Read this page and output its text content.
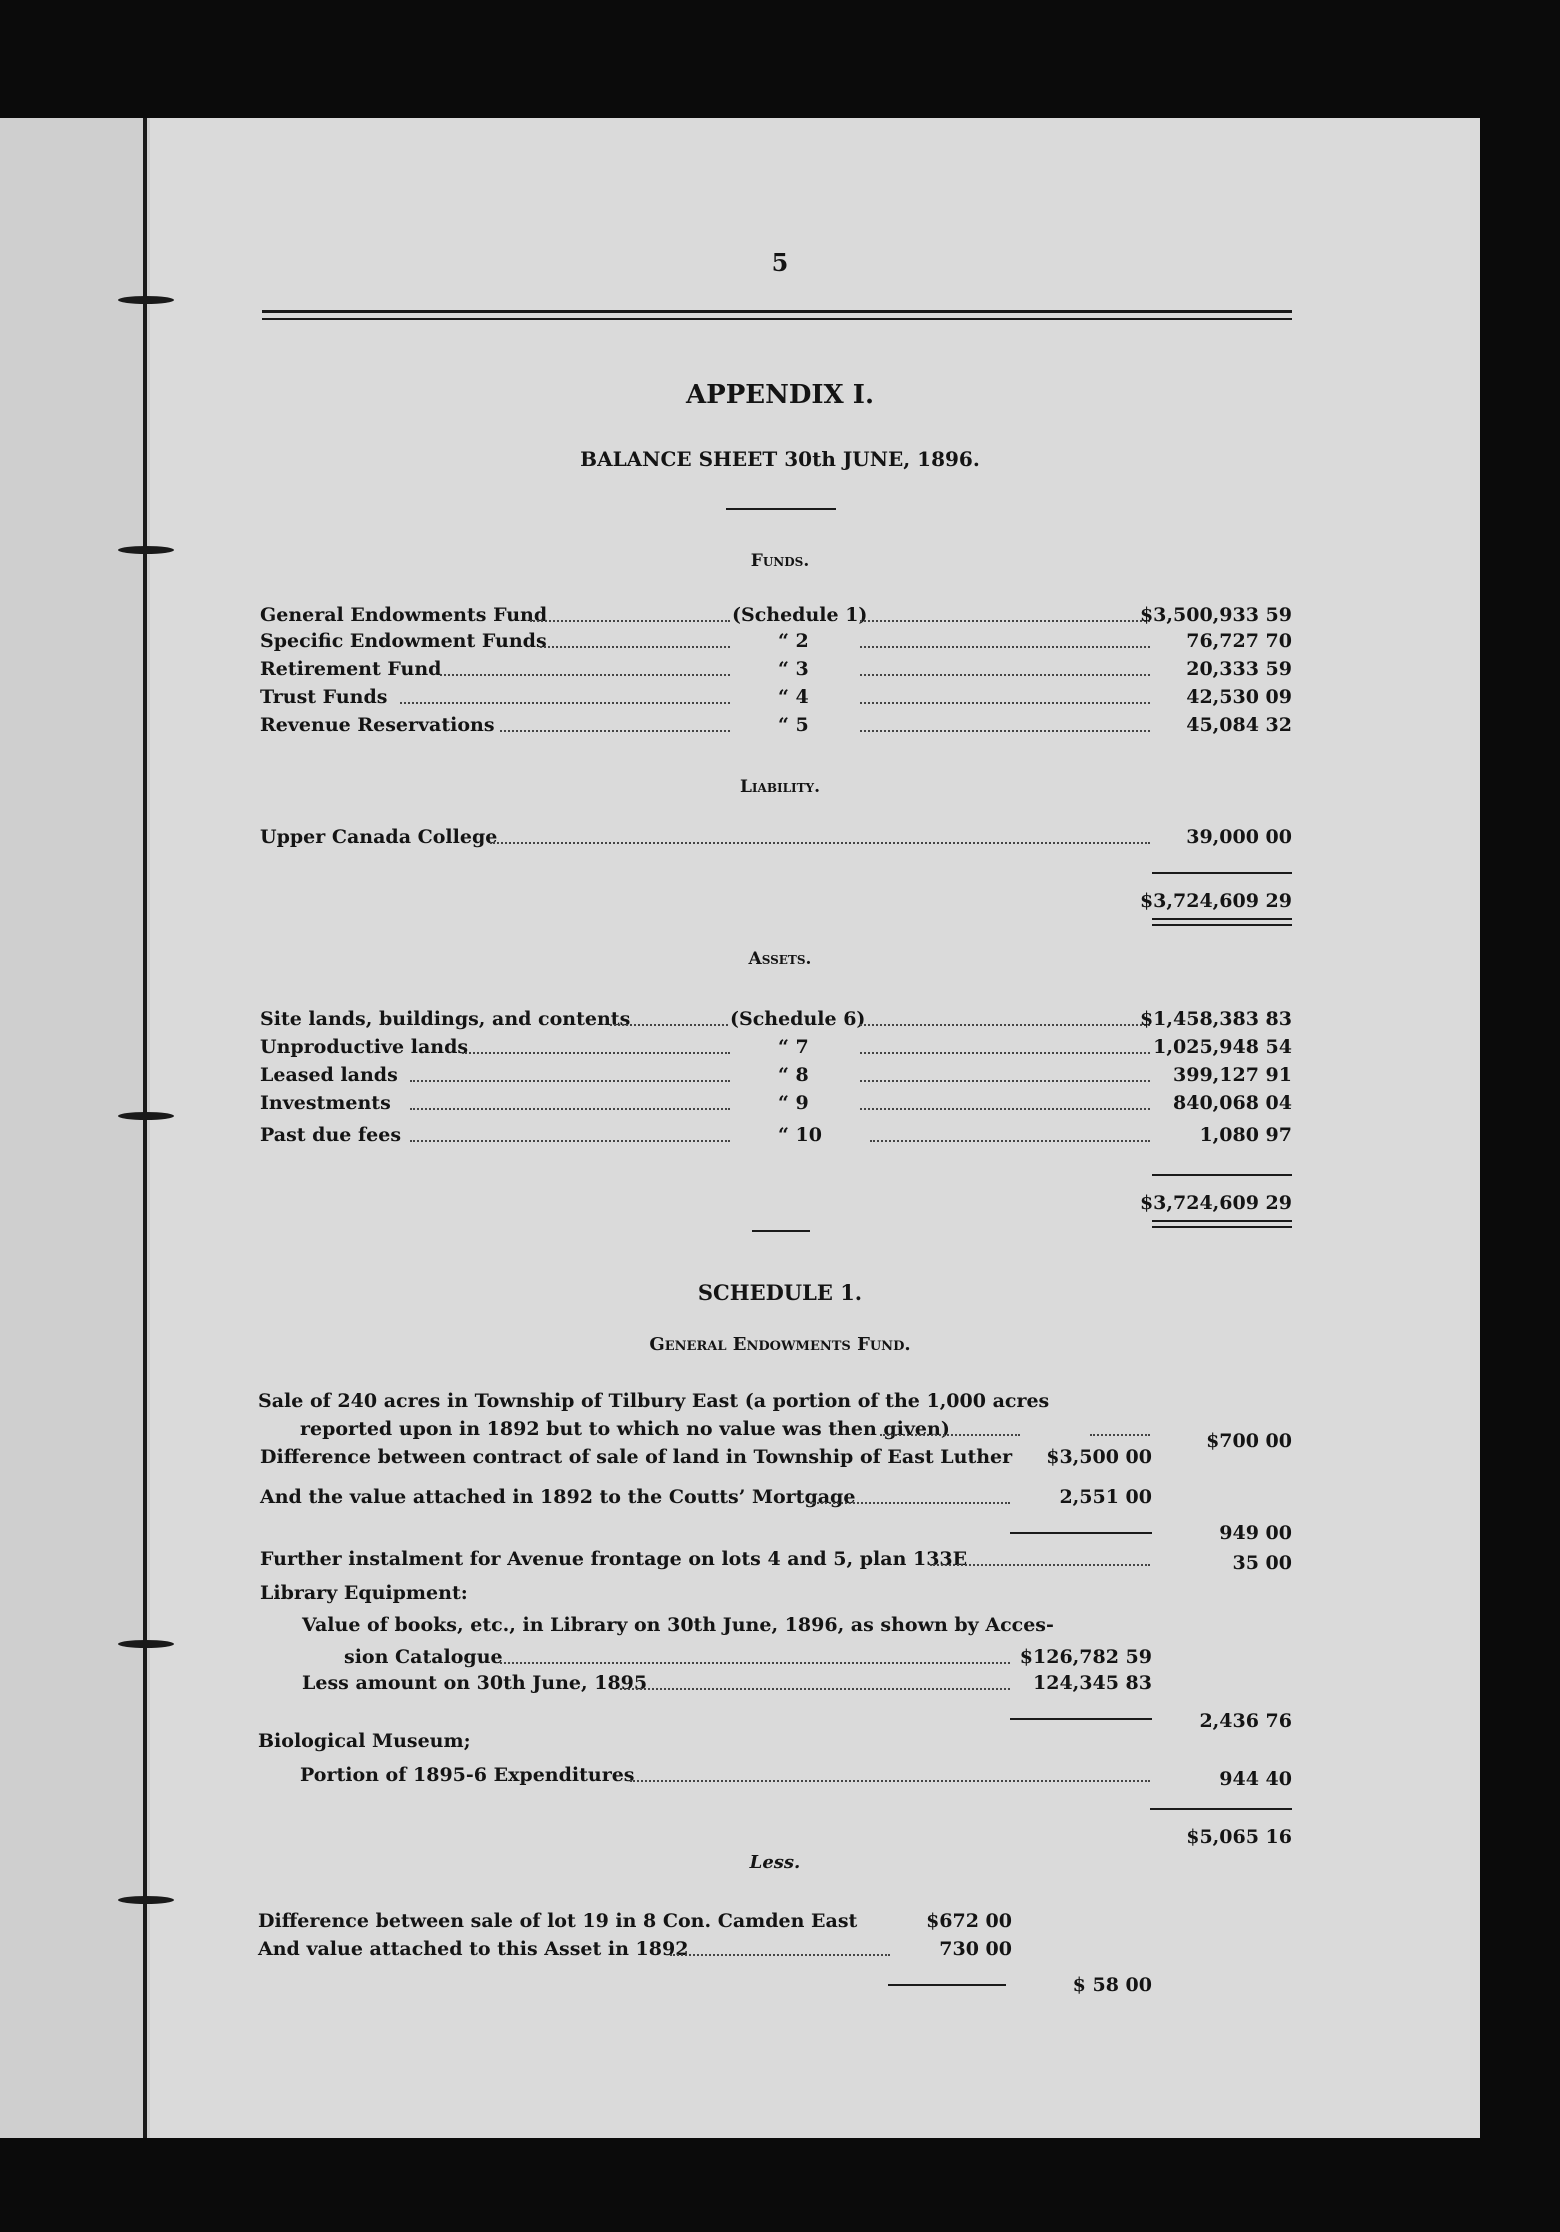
5
APPENDIX I.
BALANCE SHEET 30th JUNE, 1896.
Funds.
General Endowments Fund	(Schedule 1)	$3,500,933 59
Specific Endowment Funds	“ 2	76,727 70
Retirement Fund	“ 3	20,333 59
Trust Funds	“ 4	42,530 09
Revenue Reservations	“ 5	45,084 32
Liability.
Upper Canada College	39,000 00
$3,724,609 29
Assets.
Site lands, buildings, and contents	(Schedule 6)	$1,458,383 83
Unproductive lands	“ 7	1,025,948 54
Leased lands	“ 8	399,127 91
Investments	“ 9	840,068 04
Past due fees	“ 10	1,080 97
$3,724,609 29
SCHEDULE 1.
General Endowments Fund.
Sale of 240 acres in Township of Tilbury East (a portion of the 1,000 acres
reported upon in 1892 but to which no value was then given)
$700 00
Difference between contract of sale of land in Township of East Luther	$3,500 00
And the value attached in 1892 to the Coutts’ Mortgage	2,551 00
949 00
Further instalment for Avenue frontage on lots 4 and 5, plan 133E	35 00
Library Equipment:
Value of books, etc., in Library on 30th June, 1896, as shown by Acces-
sion Catalogue	$126,782 59
Less amount on 30th June, 1895	124,345 83
2,436 76
Biological Museum;
Portion of 1895-6 Expenditures	944 40
$5,065 16
Less.
Difference between sale of lot 19 in 8 Con. Camden East	$672 00
And value attached to this Asset in 1892	730 00
$ 58 00
